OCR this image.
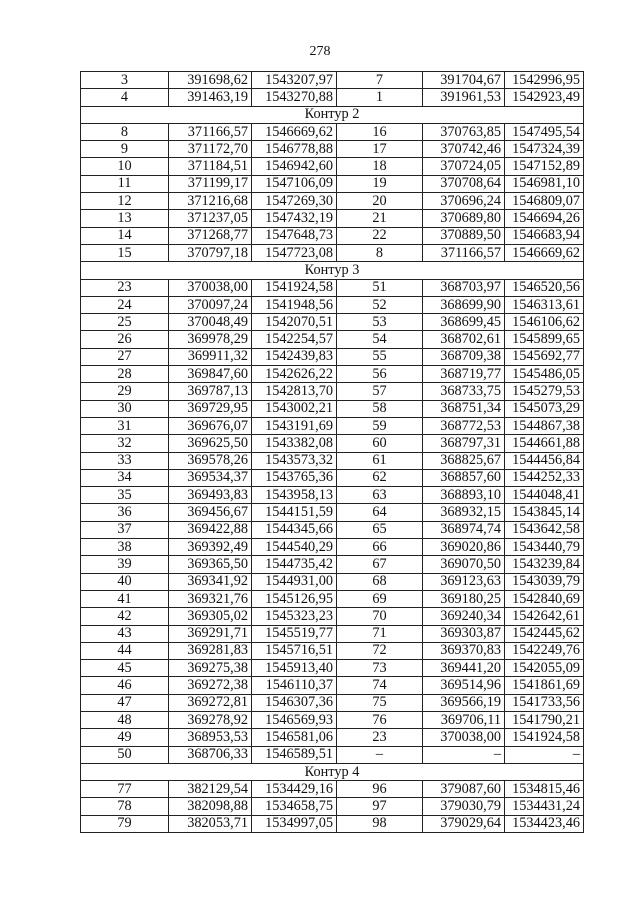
278
3	391698,62	1543207,97	7	391704,67	1542996,95
4	391463,19	1543270,88	1	391961,53	1542923,49
Контур 2					
8	371166,57	1546669,62	16	370763,85	1547495,54
9	371172,70	1546778,88	17	370742,46	1547324,39
10	371184,51	1546942,60	18	370724,05	1547152,89
11	371199,17	1547106,09	19	370708,64	1546981,10
12	371216,68	1547269,30	20	370696,24	1546809,07
13	371237,05	1547432,19	21	370689,80	1546694,26
14	371268,77	1547648,73	22	370889,50	1546683,94
15	370797,18	1547723,08	8	371166,57	1546669,62
Контур 3					
23	370038,00	1541924,58	51	368703,97	1546520,56
24	370097,24	1541948,56	52	368699,90	1546313,61
25	370048,49	1542070,51	53	368699,45	1546106,62
26	369978,29	1542254,57	54	368702,61	1545899,65
27	369911,32	1542439,83	55	368709,38	1545692,77
28	369847,60	1542626,22	56	368719,77	1545486,05
29	369787,13	1542813,70	57	368733,75	1545279,53
30	369729,95	1543002,21	58	368751,34	1545073,29
31	369676,07	1543191,69	59	368772,53	1544867,38
32	369625,50	1543382,08	60	368797,31	1544661,88
33	369578,26	1543573,32	61	368825,67	1544456,84
34	369534,37	1543765,36	62	368857,60	1544252,33
35	369493,83	1543958,13	63	368893,10	1544048,41
36	369456,67	1544151,59	64	368932,15	1543845,14
37	369422,88	1544345,66	65	368974,74	1543642,58
38	369392,49	1544540,29	66	369020,86	1543440,79
39	369365,50	1544735,42	67	369070,50	1543239,84
40	369341,92	1544931,00	68	369123,63	1543039,79
41	369321,76	1545126,95	69	369180,25	1542840,69
42	369305,02	1545323,23	70	369240,34	1542642,61
43	369291,71	1545519,77	71	369303,87	1542445,62
44	369281,83	1545716,51	72	369370,83	1542249,76
45	369275,38	1545913,40	73	369441,20	1542055,09
46	369272,38	1546110,37	74	369514,96	1541861,69
47	369272,81	1546307,36	75	369566,19	1541733,56
48	369278,92	1546569,93	76	369706,11	1541790,21
49	368953,53	1546581,06	23	370038,00	1541924,58
50	368706,33	1546589,51	–	–	–
Контур 4					
77	382129,54	1534429,16	96	379087,60	1534815,46
78	382098,88	1534658,75	97	379030,79	1534431,24
79	382053,71	1534997,05	98	379029,64	1534423,46
